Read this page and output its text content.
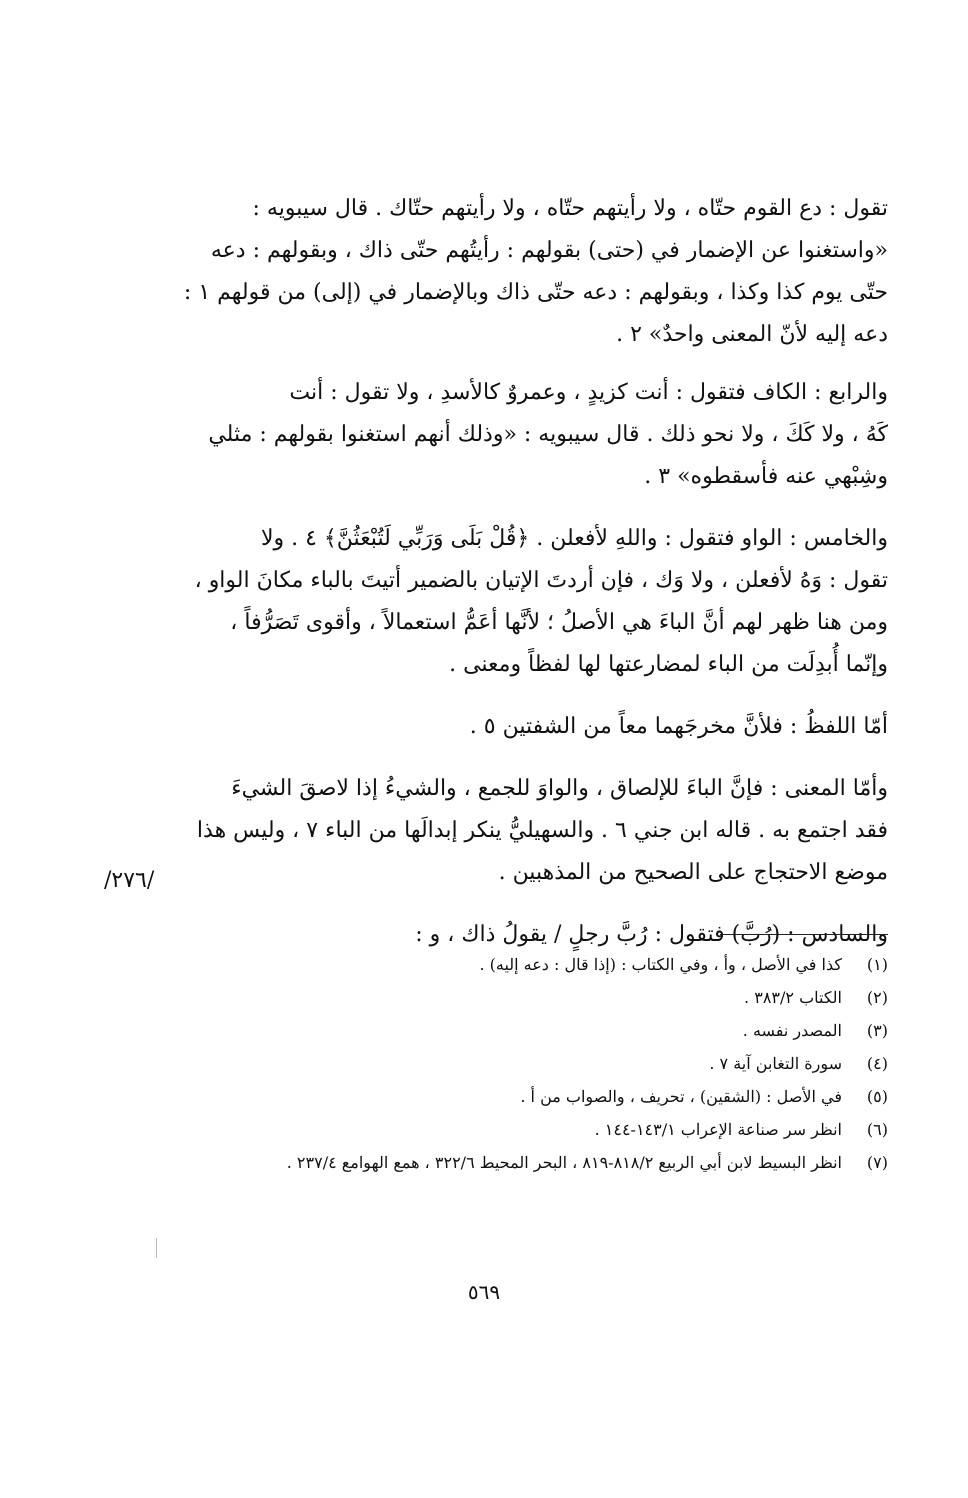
تقول : دع القوم حتّاه ، ولا رأيتهم حتّاه ، ولا رأيتهم حتّاك . قال سيبويه :
«واستغنوا عن الإضمار في (حتى) بقولهم : رأيتُهم حتّى ذاك ، وبقولهم : دعه
حتّى يوم كذا وكذا ، وبقولهم : دعه حتّى ذاك وبالإضمار في (إلى) من قولهم ١ :
دعه إليه لأنّ المعنى واحدٌ» ٢ .
والرابع : الكاف فتقول : أنت كزيدٍ ، وعمروٌ كالأسدِ ، ولا تقول : أنت
كَهُ ، ولا كَكَ ، ولا نحو ذلك . قال سيبويه : «وذلك أنهم استغنوا بقولهم : مثلي
وشِبْهي عنه فأسقطوه» ٣ .
والخامس : الواو فتقول : واللهِ لأفعلن . ﴿قُلْ بَلَى وَرَبِّي لَتُبْعَثُنَّ﴾ ٤ . ولا
تقول : وَهُ لأفعلن ، ولا وَك ، فإن أردتَ الإتيان بالضمير أتيتَ بالباء مكانَ الواو ،
ومن هنا ظهر لهم أنَّ الباءَ هي الأصلُ ؛ لأنَّها أعَمُّ استعمالاً ، وأقوى تَصَرُّفاً ،
وإنّما أُبدِلَت من الباء لمضارعتها لها لفظاً ومعنى .
أمّا اللفظُ : فلأنَّ مخرجَهما معاً من الشفتين ٥ .
وأمّا المعنى : فإنَّ الباءَ للإلصاق ، والواوَ للجمع ، والشيءُ إذا لاصقَ الشيءَ
فقد اجتمع به . قاله ابن جني ٦ . والسهيليُّ ينكر إبدالَها من الباء ٧ ، وليس هذا
موضع الاحتجاج على الصحيح من المذهبين .
والسادس : (رُبَّ) فتقول : رُبَّ رجلٍ / يقولُ ذاك ، و :
/٢٧٦/
(١)
كذا في الأصل ، وأ ، وفي الكتاب : (إذا قال : دعه إليه) .
(٢)
الكتاب ٣٨٣/٢ .
(٣)
المصدر نفسه .
(٤)
سورة التغابن آية ٧ .
(٥)
في الأصل : (الشقين) ، تحريف ، والصواب من أ .
(٦)
انظر سر صناعة الإعراب ١٤٣/١-١٤٤ .
(٧)
انظر البسيط لابن أبي الربيع ٨١٨/٢-٨١٩ ، البحر المحيط ٣٢٢/٦ ، همع الهوامع ٢٣٧/٤ .
٥٦٩
